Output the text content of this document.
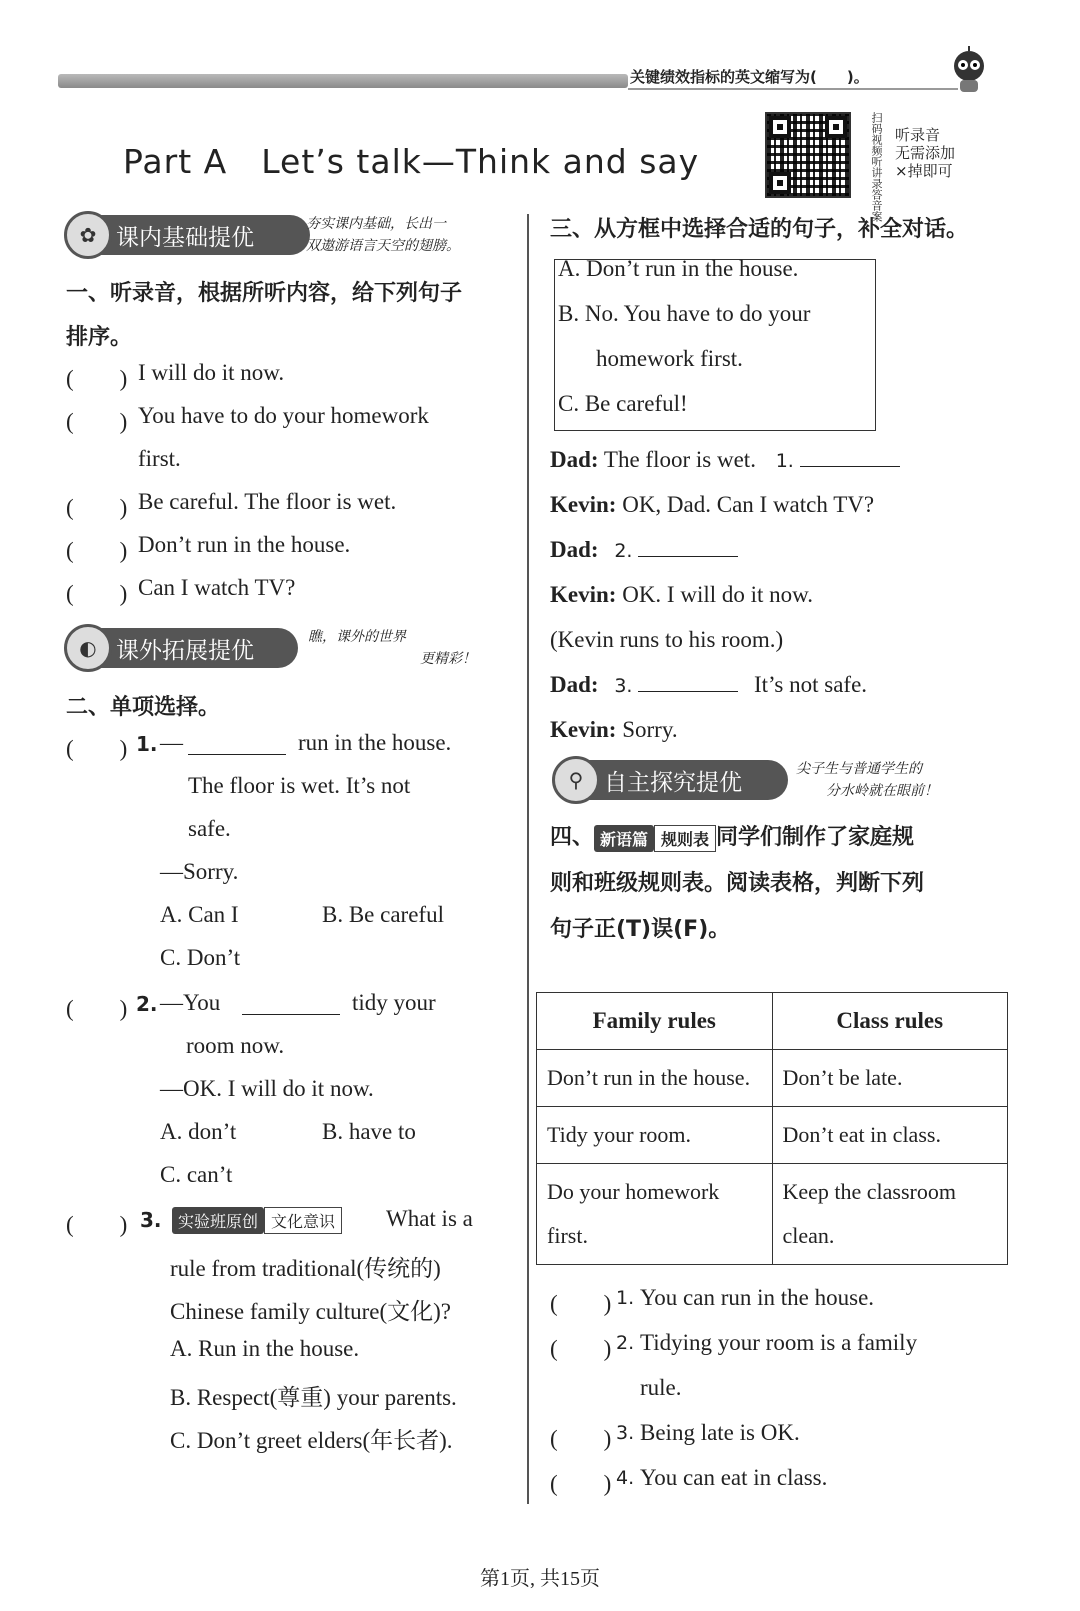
关键绩效指标的英文缩写为(　　)。
Part A　Let’s talk—Think and say	扫码视频听讲录答音案 听录音
无需添加
×掉即可
✿ 课内基础提优
夯实课内基础，长出一
双遨游语言天空的翅膀。
一、听录音，根据所听内容，给下列句子
排序。
(　　) I will do it now.
(　　) You have to do your homework
first.
(　　) Be careful. The floor is wet.
(　　) Don’t run in the house.
(　　) Can I watch TV?
◐ 课外拓展提优
瞧，课外的世界
更精彩！
二、单项选择。
(　　) 1. —	run in the house.
The floor is wet. It’s not
safe.
—Sorry.
A. Can I	B. Be careful
C. Don’t
(　　) 2. —You	tidy your
room now.
—OK. I will do it now.
A. don’t	B. have to
C. can’t
(　　) 3.	实验班原创 文化意识	What is a
rule from traditional(传统的)
Chinese family culture(文化)?
A. Run in the house.
B. Respect(尊重) your parents.
C. Don’t greet elders(年长者).
三、从方框中选择合适的句子，补全对话。
A. Don’t run in the house.
B. No. You have to do your
homework first.
C. Be careful!
Dad: The floor is wet. 1.
Kevin: OK, Dad. Can I watch TV?
Dad: 2.
Kevin: OK. I will do it now.
(Kevin runs to his room.)
Dad: 3.	It’s not safe.
Kevin: Sorry.
⚲ 自主探究提优
尖子生与普通学生的
分水岭就在眼前！
四、 新语篇 规则表 同学们制作了家庭规
则和班级规则表。阅读表格，判断下列
句子正(T)误(F)。
Family rules	Class rules
Don’t run in the house.	Don’t be late.
Tidy your room.	Don’t eat in class.
Do your homework first.	Keep the classroom clean.
(　　) 1. You can run in the house.
(　　) 2. Tidying your room is a family
rule.
(　　) 3. Being late is OK.
(　　) 4. You can eat in class.
第1页, 共15页
